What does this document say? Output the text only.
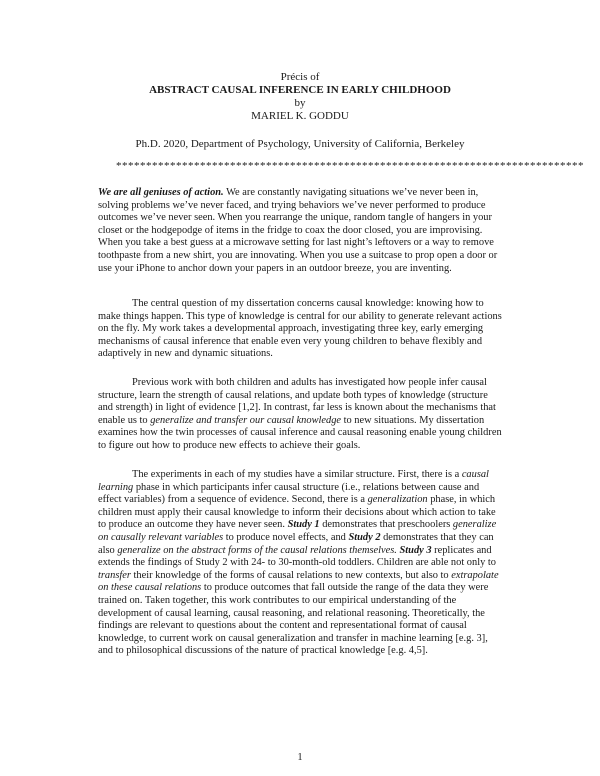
Précis of
ABSTRACT CAUSAL INFERENCE IN EARLY CHILDHOOD
by
MARIEL K. GODDU
Ph.D. 2020, Department of Psychology, University of California, Berkeley
******************************************************************************

We are all geniuses of action. We are constantly navigating situations we’ve never been in, solving problems we’ve never faced, and trying behaviors we’ve never performed to produce outcomes we’ve never seen. When you rearrange the unique, random tangle of hangers in your closet or the hodgepodge of items in the fridge to coax the door closed, you are improvising. When you take a best guess at a microwave setting for last night’s leftovers or a way to remove toothpaste from a new shirt, you are innovating. When you use a suitcase to prop open a door or use your iPhone to anchor down your papers in an outdoor breeze, you are inventing.

The central question of my dissertation concerns causal knowledge: knowing how to make things happen. This type of knowledge is central for our ability to generate relevant actions on the fly. My work takes a developmental approach, investigating three key, early emerging mechanisms of causal inference that enable even very young children to behave flexibly and adaptively in new and dynamic situations.

Previous work with both children and adults has investigated how people infer causal structure, learn the strength of causal relations, and update both types of knowledge (structure and strength) in light of evidence [1,2]. In contrast, far less is known about the mechanisms that enable us to generalize and transfer our causal knowledge to new situations. My dissertation examines how the twin processes of causal inference and causal reasoning enable young children to figure out how to produce new effects to achieve their goals.

The experiments in each of my studies have a similar structure. First, there is a causal learning phase in which participants infer causal structure (i.e., relations between cause and effect variables) from a sequence of evidence. Second, there is a generalization phase, in which children must apply their causal knowledge to inform their decisions about which action to take to produce an outcome they have never seen. Study 1 demonstrates that preschoolers generalize on causally relevant variables to produce novel effects, and Study 2 demonstrates that they can also generalize on the abstract forms of the causal relations themselves. Study 3 replicates and extends the findings of Study 2 with 24- to 30-month-old toddlers. Children are able not only to transfer their knowledge of the forms of causal relations to new contexts, but also to extrapolate on these causal relations to produce outcomes that fall outside the range of the data they were trained on. Taken together, this work contributes to our empirical understanding of the development of causal learning, causal reasoning, and relational reasoning. Theoretically, the findings are relevant to questions about the content and representational format of causal knowledge, to current work on causal generalization and transfer in machine learning [e.g. 3], and to philosophical discussions of the nature of practical knowledge [e.g. 4,5].

1
